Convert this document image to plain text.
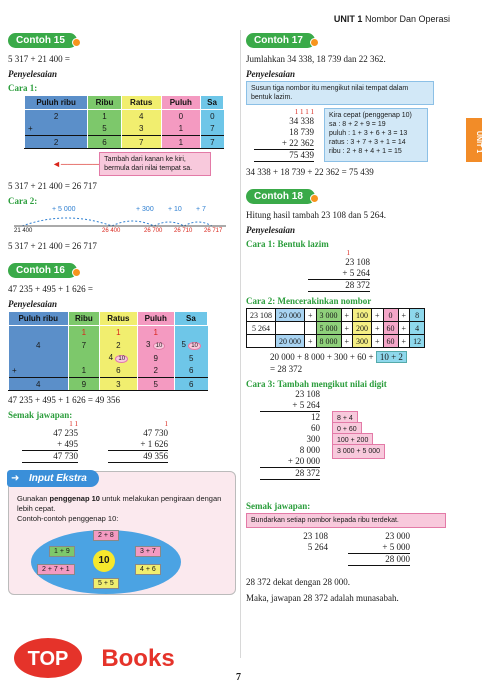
UNIT 1 Nombor Dan Operasi
UNIT 1
Contoh 15
5 317 + 21 400 =
Penyelesaian
Cara 1:
Puluh ribu	Ribu	Ratus	Puluh	Sa
2	1	4	0	0
+	5	3	1	7
2	6	7	1	7
◄────── Tambah dari kanan ke kiri, bermula dari nilai tempat sa.
5 317 + 21 400 = 26 717
Cara 2:
+ 5 000	+ 300 + 10 + 7
21 400	26 400	26 700 26 710 26 717
5 317 + 21 400 = 26 717
Contoh 16
47 235 + 495 + 1 626 =
Penyelesaian
Puluh ribu	Ribu	Ratus	Puluh	Sa
	1	1	1	
4	7	2	3 10	5 10
		4 10	9	5
+	1	6	2	6
4	9	3	5	6
47 235 + 495 + 1 626 = 49 356
Semak jawapan:
1 1
47 235
+ 495
47 730
1
47 730
+ 1 626
49 356
Input Ekstra
➜
Gunakan penggenap 10 untuk melakukan pengiraan dengan lebih cepat.
Contoh-contoh penggenap 10:
10
2 + 8
1 + 9	3 + 7
2 + 7 + 1	4 + 6
5 + 5
Contoh 17
Jumlahkan 34 338, 18 739 dan 22 362.
Penyelesaian
Susun tiga nombor itu mengikut nilai tempat dalam bentuk lazim.
1 1 1 1
34 338
18 739
+ 22 362
75 439
Kira cepat (penggenap 10)
sa : 8 + 2 + 9 = 19
puluh : 1 + 3 + 6 + 3 = 13
ratus : 3 + 7 + 3 + 1 = 14
ribu : 2 + 8 + 4 + 1 = 15
34 338 + 18 739 + 22 362 = 75 439
Contoh 18
Hitung hasil tambah 23 108 dan 5 264.
Penyelesaian
Cara 1: Bentuk lazim
1
23 108
+ 5 264
28 372
Cara 2: Mencerakinkan nombor
23 108	20 000	+	3 000	+	100	+	0	+	8
5 264			5 000	+	200	+	60	+	4
	20 000	+	8 000	+	300	+	60	+	12
20 000 + 8 000 + 300 + 60 + 10 + 2
= 28 372
Cara 3: Tambah mengikut nilai digit
23 108
+ 5 264
12
60
300
8 000
+ 20 000
28 372
8 + 4
0 + 60
100 + 200
3 000 + 5 000
Semak jawapan:
Bundarkan setiap nombor kepada ribu terdekat.
23 108
5 264
23 000
+ 5 000
28 000
28 372 dekat dengan 28 000.
Maka, jawapan 28 372 adalah munasabah.
TOP Books
7
